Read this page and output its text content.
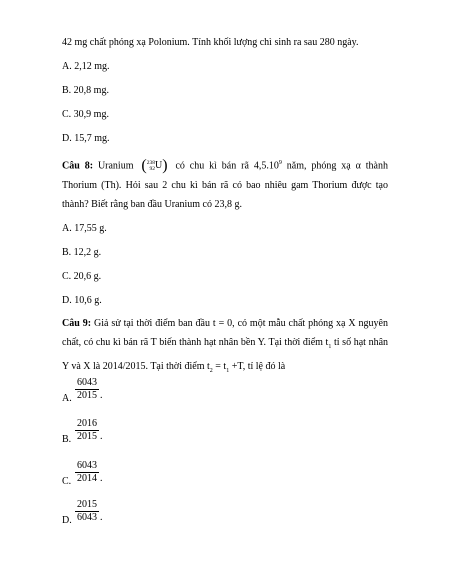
42 mg chất phóng xạ Polonium. Tính khối lượng chì sinh ra sau 280 ngày.
A. 2,12 mg.
B. 20,8 mg.
C. 30,9 mg.
D. 15,7 mg.
Câu 8: Uranium (238
92U) có chu kì bán rã 4,5.10$^9$ năm, phóng xạ α thành Thorium (Th). Hỏi sau 2 chu kì bán rã có bao nhiêu gam Thorium được tạo thành? Biết rằng ban đầu Uranium có 23,8 g.
A. 17,55 g.
B. 12,2 g.
C. 20,6 g.
D. 10,6 g.
Câu 9: Giả sử tại thời điểm ban đầu t = 0, có một mẫu chất phóng xạ X nguyên chất, có chu kì bán rã T biến thành hạt nhân bền Y. Tại thời điểm $t_1$ tỉ số hạt nhân Y và X là 2014/2015. Tại thời điểm $t_2 = t_1 +T$, tỉ lệ đó là
A.
6043
2015 .
B.
2016
2015 .
C.
6043
2014 .
D.
2015
6043 .
